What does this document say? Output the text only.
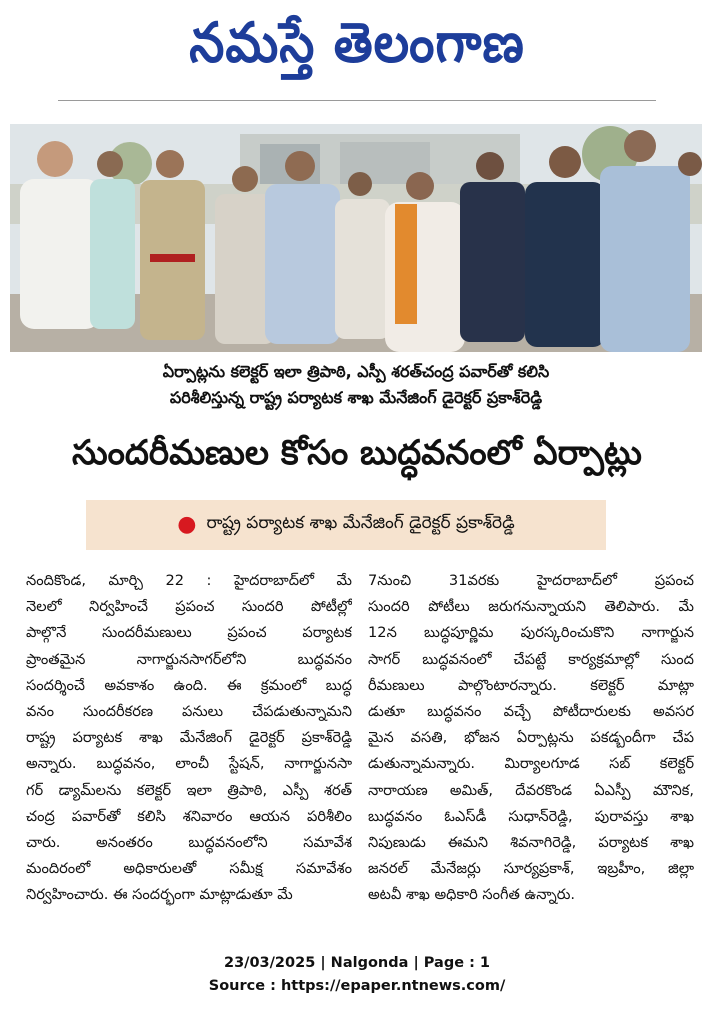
నమస్తే తెలంగాణ
ఏర్పాట్లను కలెక్టర్‌ ఇలా త్రిపాఠి, ఎస్పీ శరత్‌చంద్ర పవార్‌తో కలిసి
పరిశీలిస్తున్న రాష్ట్ర పర్యాటక శాఖ మేనేజింగ్‌ డైరెక్టర్‌ ప్రకాశ్‌రెడ్డి
సుందరీమణుల కోసం బుద్ధవనంలో ఏర్పాట్లు
● రాష్ట్ర పర్యాటక శాఖ మేనేజింగ్‌ డైరెక్టర్‌ ప్రకాశ్‌రెడ్డి
నందికొండ, మార్చి 22 : హైదరాబాద్‌లో మే
నెలలో నిర్వహించే ప్రపంచ సుందరి పోటీల్లో
పాల్గొనే సుందరీమణులు ప్రపంచ పర్యాటక
ప్రాంతమైన నాగార్జునసాగర్‌లోని బుద్ధవనం
సందర్శించే అవకాశం ఉంది. ఈ క్రమంలో బుద్ధ
వనం సుందరీకరణ పనులు చేపడుతున్నామని
రాష్ట్ర పర్యాటక శాఖ మేనేజింగ్‌ డైరెక్టర్‌ ప్రకాశ్‌రెడ్డి
అన్నారు. బుద్ధవనం, లాంచీ స్టేషన్‌, నాగార్జునసా
గర్‌ డ్యామ్‌లను కలెక్టర్‌ ఇలా త్రిపాఠి, ఎస్పీ శరత్‌
చంద్ర పవార్‌తో కలిసి శనివారం ఆయన పరిశీలిం
చారు. అనంతరం బుద్ధవనంలోని సమావేశ
మందిరంలో అధికారులతో సమీక్ష సమావేశం
నిర్వహించారు. ఈ సందర్భంగా మాట్లాడుతూ మే
7నుంచి 31వరకు హైదరాబాద్‌లో ప్రపంచ
సుందరి పోటీలు జరుగనున్నాయని తెలిపారు. మే
12న బుద్ధపూర్ణిమ పురస్కరించుకొని నాగార్జున
సాగర్‌ బుద్ధవనంలో చేపట్టే కార్యక్రమాల్లో సుంద
రీమణులు పాల్గొంటారన్నారు. కలెక్టర్‌ మాట్లా
డుతూ బుద్ధవనం వచ్చే పోటీదారులకు అవసర
మైన వసతి, భోజన ఏర్పాట్లను పకడ్బందీగా చేప
డుతున్నామన్నారు. మిర్యాలగూడ సబ్‌ కలెక్టర్‌
నారాయణ అమిత్‌, దేవరకొండ ఏఎస్పీ మౌనిక,
బుద్ధవనం ఓఎస్‌డీ సుధాన్‌రెడ్డి, పురావస్తు శాఖ
నిపుణుడు ఈమని శివనాగిరెడ్డి, పర్యాటక శాఖ
జనరల్‌ మేనేజర్లు సూర్యప్రకాశ్‌, ఇబ్రహీం, జిల్లా
అటవీ శాఖ అధికారి సంగీత ఉన్నారు.
23/03/2025 | Nalgonda | Page : 1
Source : https://epaper.ntnews.com/
